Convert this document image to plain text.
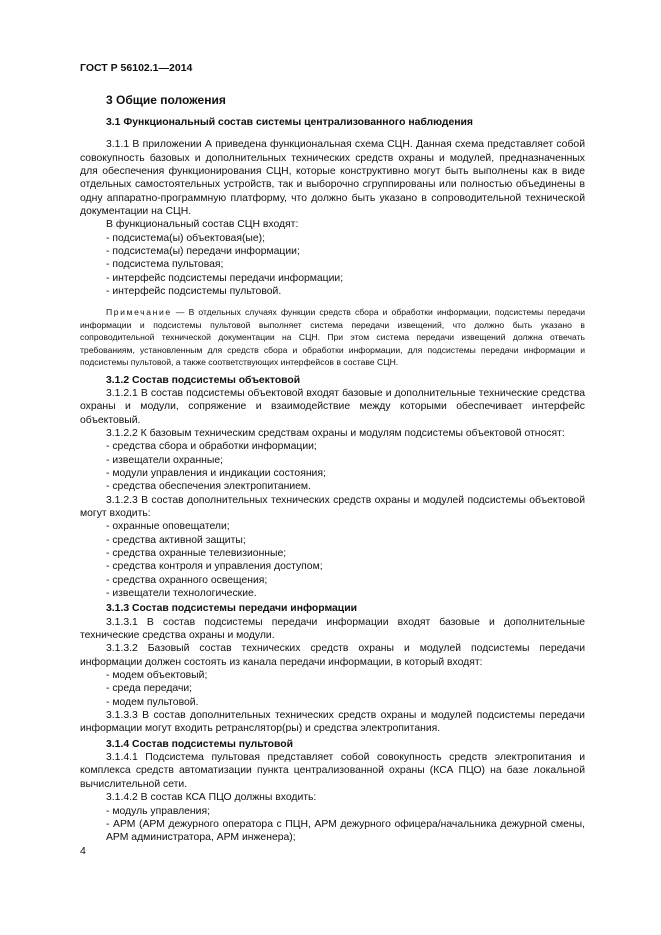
ГОСТ Р 56102.1—2014

3 Общие положения

3.1 Функциональный состав системы централизованного наблюдения

3.1.1 В приложении А приведена функциональная схема СЦН. Данная схема представляет собой совокупность базовых и дополнительных технических средств охраны и модулей, предназначенных для обеспечения функционирования СЦН, которые конструктивно могут быть выполнены как в виде отдельных самостоятельных устройств, так и выборочно сгруппированы или полностью объединены в одну аппаратно-программную платформу, что должно быть указано в сопроводительной технической документации на СЦН.

В функциональный состав СЦН входят:

- подсистема(ы) объектовая(ые);

- подсистема(ы) передачи информации;

- подсистема пультовая;

- интерфейс подсистемы передачи информации;

- интерфейс подсистемы пультовой.

Примечание — В отдельных случаях функции средств сбора и обработки информации, подсистемы передачи информации и подсистемы пультовой выполняет система передачи извещений, что должно быть указано в сопроводительной технической документации на СЦН. При этом система передачи извещений должна отвечать требованиям, установленным для средств сбора и обработки информации, для подсистемы передачи информации и подсистемы пультовой, а также соответствующих интерфейсов в составе СЦН.

3.1.2 Состав подсистемы объектовой

3.1.2.1 В состав подсистемы объектовой входят базовые и дополнительные технические средства охраны и модули, сопряжение и взаимодействие между которыми обеспечивает интерфейс объектовый.

3.1.2.2 К базовым техническим средствам охраны и модулям подсистемы объектовой относят:

- средства сбора и обработки информации;

- извещатели охранные;

- модули управления и индикации состояния;

- средства обеспечения электропитанием.

3.1.2.3 В состав дополнительных технических средств охраны и модулей подсистемы объектовой могут входить:

- охранные оповещатели;

- средства активной защиты;

- средства охранные телевизионные;

- средства контроля и управления доступом;

- средства охранного освещения;

- извещатели технологические.

3.1.3 Состав подсистемы передачи информации

3.1.3.1 В состав подсистемы передачи информации входят базовые и дополнительные технические средства охраны и модули.

3.1.3.2 Базовый состав технических средств охраны и модулей подсистемы передачи информации должен состоять из канала передачи информации, в который входят:

- модем объектовый;

- среда передачи;

- модем пультовой.

3.1.3.3 В состав дополнительных технических средств охраны и модулей подсистемы передачи информации могут входить ретранслятор(ры) и средства электропитания.

3.1.4 Состав подсистемы пультовой

3.1.4.1 Подсистема пультовая представляет собой совокупность средств электропитания и комплекса средств автоматизации пункта централизованной охраны (КСА ПЦО) на базе локальной вычислительной сети.

3.1.4.2 В состав КСА ПЦО должны входить:

- модуль управления;

- АРМ (АРМ дежурного оператора с ПЦН, АРМ дежурного офицера/начальника дежурной смены, АРМ администратора, АРМ инженера);

4
